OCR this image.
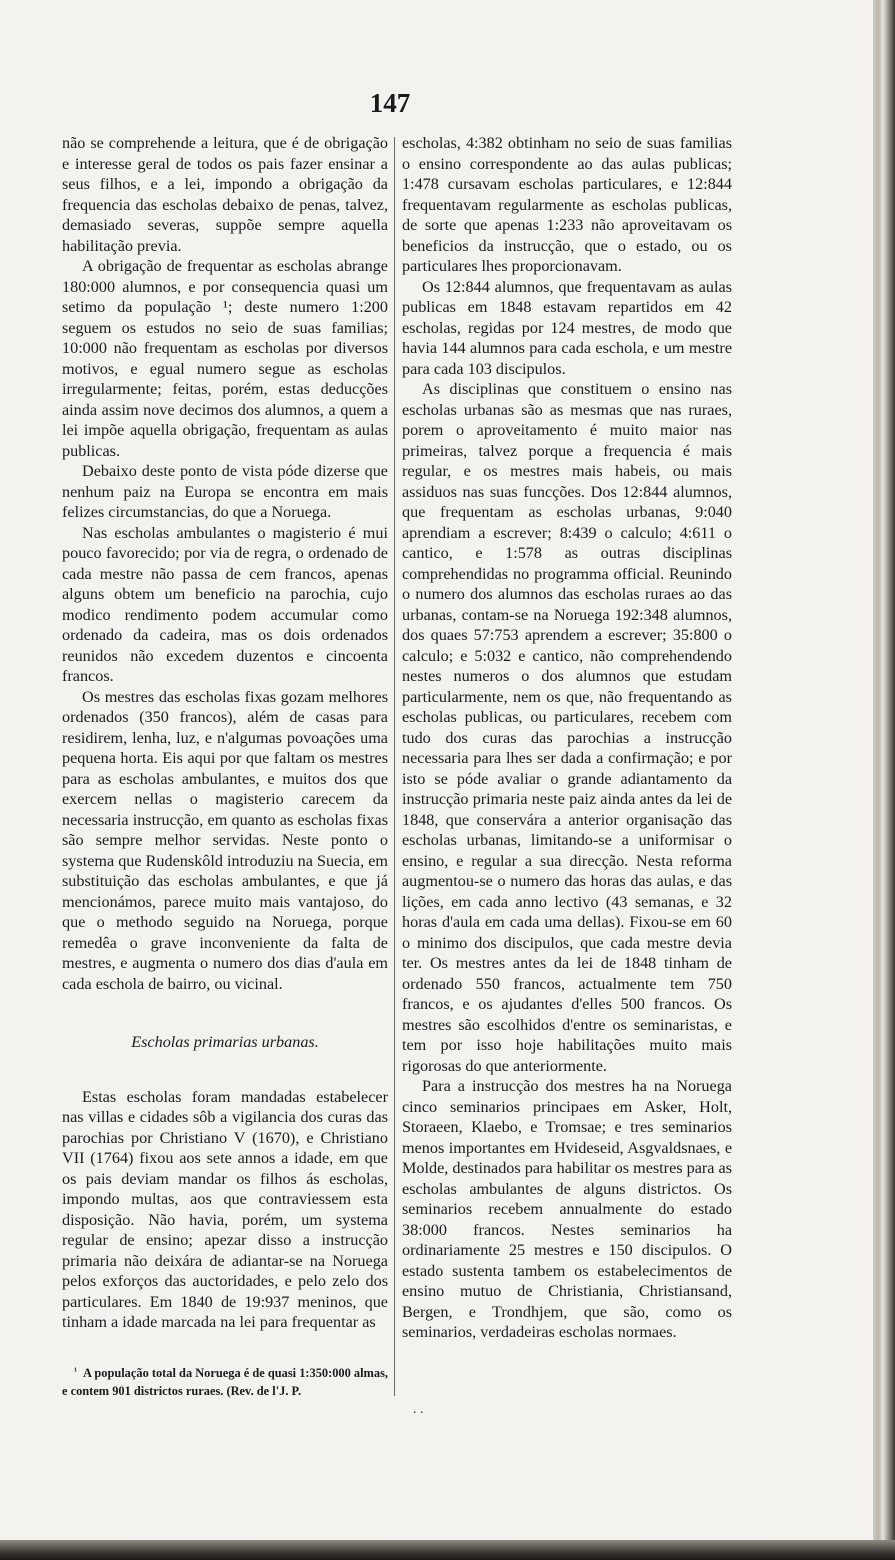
147

não se comprehende a leitura, que é de obrigação e interesse geral de todos os pais fazer ensinar a seus filhos, e a lei, impondo a obrigação da frequencia das escholas debaixo de penas, talvez, demasiado severas, suppõe sempre aquella habilitação previa.

A obrigação de frequentar as escholas abrange 180:000 alumnos, e por consequencia quasi um setimo da população ¹; deste numero 1:200 seguem os estudos no seio de suas familias; 10:000 não frequentam as escholas por diversos motivos, e egual numero segue as escholas irregularmente; feitas, porém, estas deducções ainda assim nove decimos dos alumnos, a quem a lei impõe aquella obrigação, frequentam as aulas publicas.

Debaixo deste ponto de vista póde dizerse que nenhum paiz na Europa se encontra em mais felizes circumstancias, do que a Noruega.

Nas escholas ambulantes o magisterio é mui pouco favorecido; por via de regra, o ordenado de cada mestre não passa de cem francos, apenas alguns obtem um beneficio na parochia, cujo modico rendimento podem accumular como ordenado da cadeira, mas os dois ordenados reunidos não excedem duzentos e cincoenta francos.

Os mestres das escholas fixas gozam melhores ordenados (350 francos), além de casas para residirem, lenha, luz, e n'algumas povoações uma pequena horta. Eis aqui por que faltam os mestres para as escholas ambulantes, e muitos dos que exercem nellas o magisterio carecem da necessaria instrucção, em quanto as escholas fixas são sempre melhor servidas. Neste ponto o systema que Rudenskôld introduziu na Suecia, em substituição das escholas ambulantes, e que já mencionámos, parece muito mais vantajoso, do que o methodo seguido na Noruega, porque remedêa o grave inconveniente da falta de mestres, e augmenta o numero dos dias d'aula em cada eschola de bairro, ou vicinal.

Escholas primarias urbanas.

Estas escholas foram mandadas estabelecer nas villas e cidades sôb a vigilancia dos curas das parochias por Christiano V (1670), e Christiano VII (1764) fixou aos sete annos a idade, em que os pais deviam mandar os filhos ás escholas, impondo multas, aos que contraviessem esta disposição. Não havia, porém, um systema regular de ensino; apezar disso a instrucção primaria não deixára de adiantar-se na Noruega pelos exforços das auctoridades, e pelo zelo dos particulares. Em 1840 de 19:937 meninos, que tinham a idade marcada na lei para frequentar as

escholas, 4:382 obtinham no seio de suas familias o ensino correspondente ao das aulas publicas; 1:478 cursavam escholas particulares, e 12:844 frequentavam regularmente as escholas publicas, de sorte que apenas 1:233 não aproveitavam os beneficios da instrucção, que o estado, ou os particulares lhes proporcionavam.

Os 12:844 alumnos, que frequentavam as aulas publicas em 1848 estavam repartidos em 42 escholas, regidas por 124 mestres, de modo que havia 144 alumnos para cada eschola, e um mestre para cada 103 discipulos.

As disciplinas que constituem o ensino nas escholas urbanas são as mesmas que nas ruraes, porem o aproveitamento é muito maior nas primeiras, talvez porque a frequencia é mais regular, e os mestres mais habeis, ou mais assiduos nas suas funcções. Dos 12:844 alumnos, que frequentam as escholas urbanas, 9:040 aprendiam a escrever; 8:439 o calculo; 4:611 o cantico, e 1:578 as outras disciplinas comprehendidas no programma official. Reunindo o numero dos alumnos das escholas ruraes ao das urbanas, contam-se na Noruega 192:348 alumnos, dos quaes 57:753 aprendem a escrever; 35:800 o calculo; e 5:032 e cantico, não comprehendendo nestes numeros o dos alumnos que estudam particularmente, nem os que, não frequentando as escholas publicas, ou particulares, recebem com tudo dos curas das parochias a instrucção necessaria para lhes ser dada a confirmação; e por isto se póde avaliar o grande adiantamento da instrucção primaria neste paiz ainda antes da lei de 1848, que conservára a anterior organisação das escholas urbanas, limitando-se a uniformisar o ensino, e regular a sua direcção. Nesta reforma augmentou-se o numero das horas das aulas, e das lições, em cada anno lectivo (43 semanas, e 32 horas d'aula em cada uma dellas). Fixou-se em 60 o minimo dos discipulos, que cada mestre devia ter. Os mestres antes da lei de 1848 tinham de ordenado 550 francos, actualmente tem 750 francos, e os ajudantes d'elles 500 francos. Os mestres são escolhidos d'entre os seminaristas, e tem por isso hoje habilitações muito mais rigorosas do que anteriormente.

Para a instrucção dos mestres ha na Noruega cinco seminarios principaes em Asker, Holt, Storaeen, Klaebo, e Tromsae; e tres seminarios menos importantes em Hvideseid, Asgvaldsnaes, e Molde, destinados para habilitar os mestres para as escholas ambulantes de alguns districtos. Os seminarios recebem annualmente do estado 38:000 francos. Nestes seminarios ha ordinariamente 25 mestres e 150 discipulos. O estado sustenta tambem os estabelecimentos de ensino mutuo de Christiania, Christiansand, Bergen, e Trondhjem, que são, como os seminarios, verdadeiras escholas normaes.

¹ A população total da Noruega é de quasi 1:350:000 almas, e contem 901 districtos ruraes. (Rev. de l'J. P.
. .
